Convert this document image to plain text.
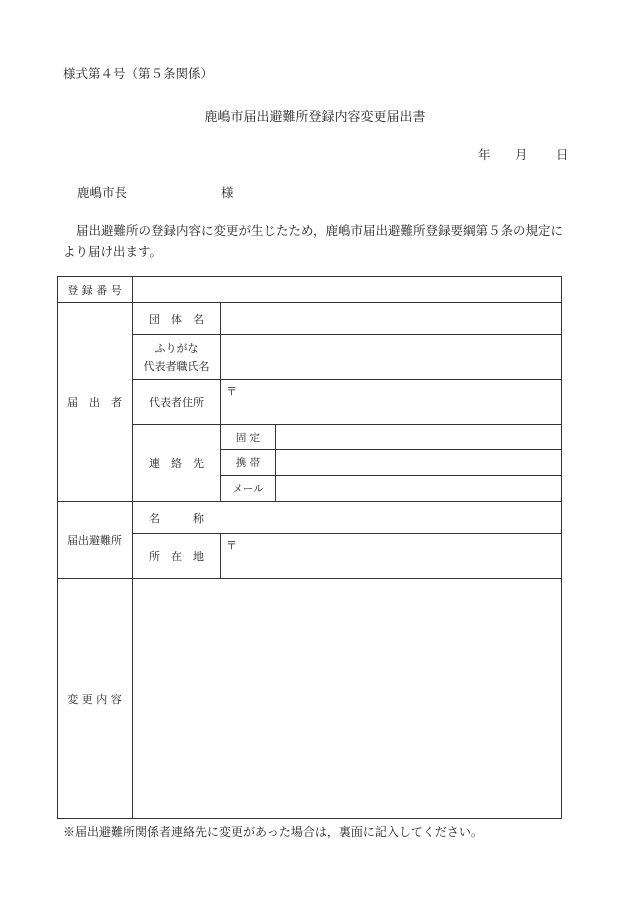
様式第４号（第５条関係）
鹿嶋市届出避難所登録内容変更届出書
年 月 日
鹿嶋市長	様
届出避難所の登録内容に変更が生じたため，鹿嶋市届出避難所登録要綱第５条の規定により届け出ます。
登 録 番 号
届　出　者
団　体　名
ふりがな
代表者職氏名
代表者住所
〒
連　絡　先
固 定
携 帯
メール
届出避難所
名　　　称
所　在　地
〒
変 更 内 容
※届出避難所関係者連絡先に変更があった場合は，裏面に記入してください。
